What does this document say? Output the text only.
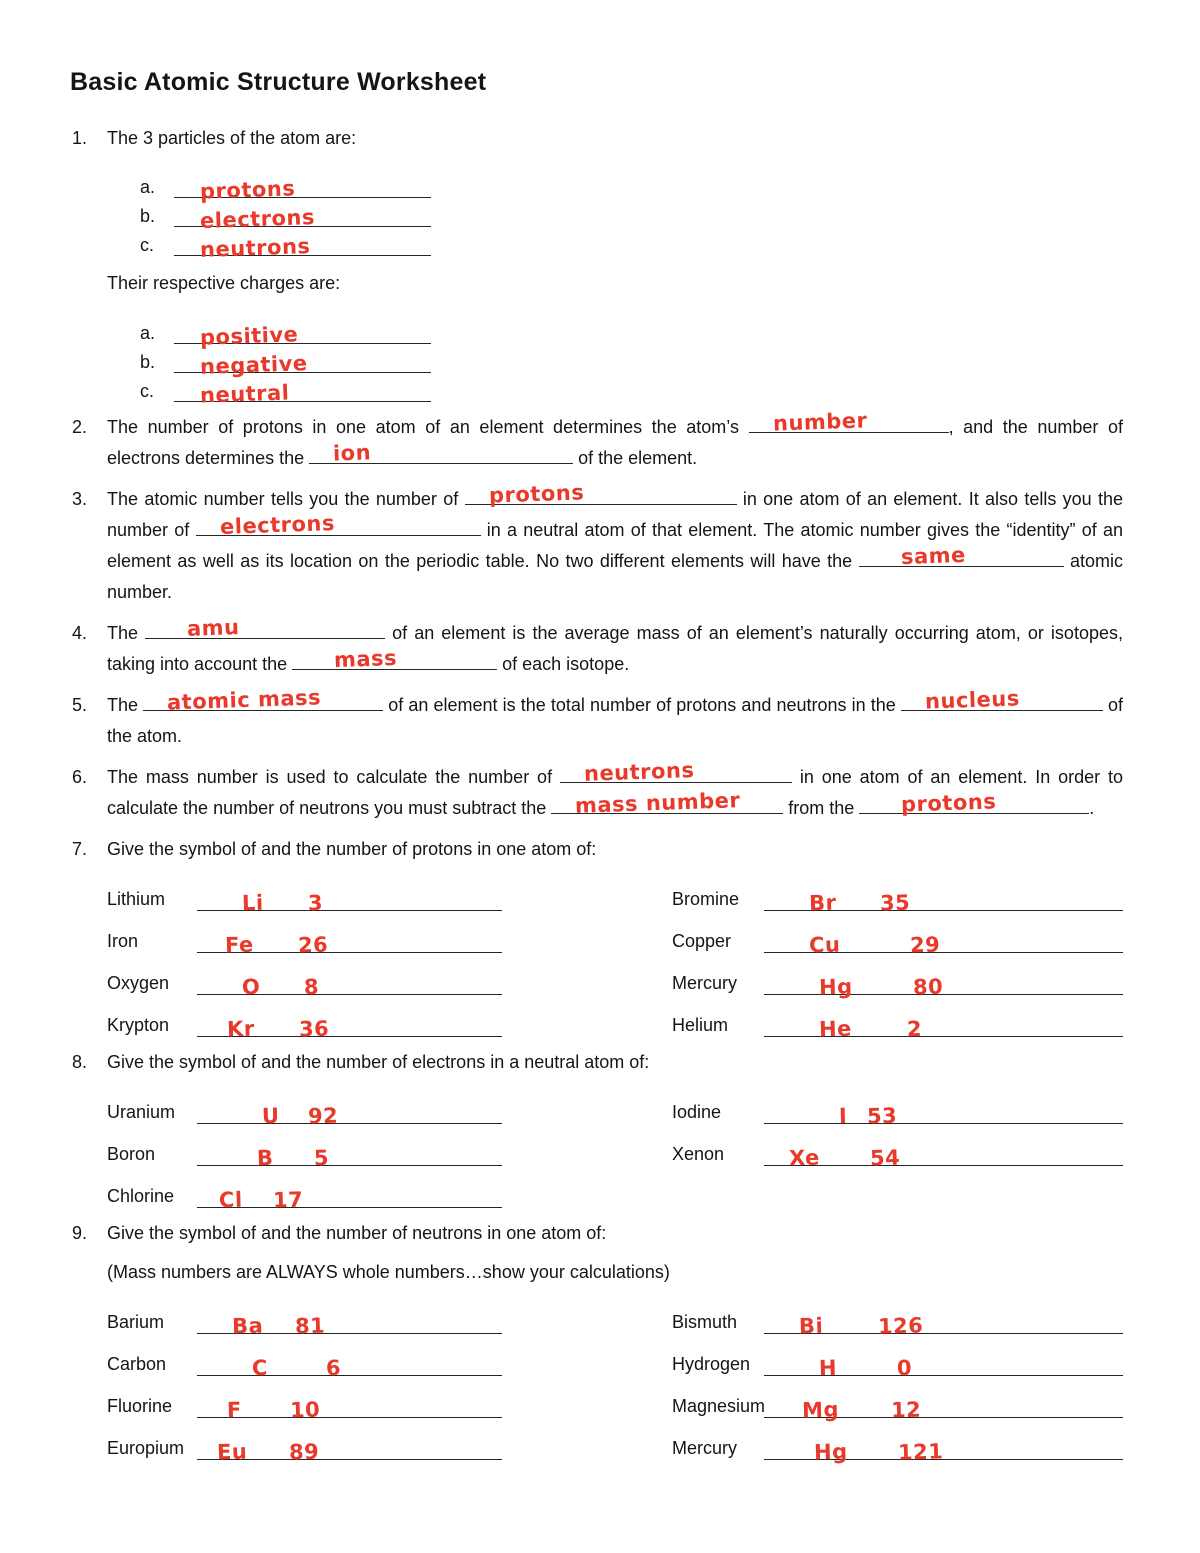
Basic Atomic Structure Worksheet
1.	The 3 particles of the atom are:

a.	protons
b.	electrons
c.	neutrons

Their respective charges are:

a.	positive
b.	negative
c.	neutral
2.	The number of protons in one atom of an element determines the atom’s number	, and the number of electrons determines the ion	of the element.

3.	The atomic number tells you the number of protons	in one atom of an element. It also tells you the number of electrons	in a neutral atom of that element. The atomic number gives the “identity” of an element as well as its location on the periodic table. No two different elements will have the same	atomic number.

4.	The amu	of an element is the average mass of an element’s naturally occurring atom, or isotopes, taking into account the mass	of each isotope.

5.	The atomic mass	of an element is the total number of protons and neutrons in the nucleus	of the atom.

6.	The mass number is used to calculate the number of neutrons	in one atom of an element. In order to calculate the number of neutrons you must subtract the mass number from the protons	.

7.	Give the symbol of and the number of protons in one atom of:

Lithium	Li 3
Iron	Fe 26
Oxygen	O 8
Krypton	Kr 36
Bromine	Br 35
Copper	Cu	29
Mercury	Hg	80
Helium	He	2
8.	Give the symbol of and the number of electrons in a neutral atom of:

Uranium	U 92
Boron	B 5
Chlorine	Cl 17
Iodine	I 53
Xenon	Xe 54
9.	Give the symbol of and the number of neutrons in one atom of:

(Mass numbers are ALWAYS whole numbers…show your calculations)

Barium	Ba 81
Carbon	C	6
Fluorine	F 10
Europium	Eu 89
Bismuth	Bi	126
Hydrogen	H	0
Magnesium Mg 12
Mercury	Hg 121
